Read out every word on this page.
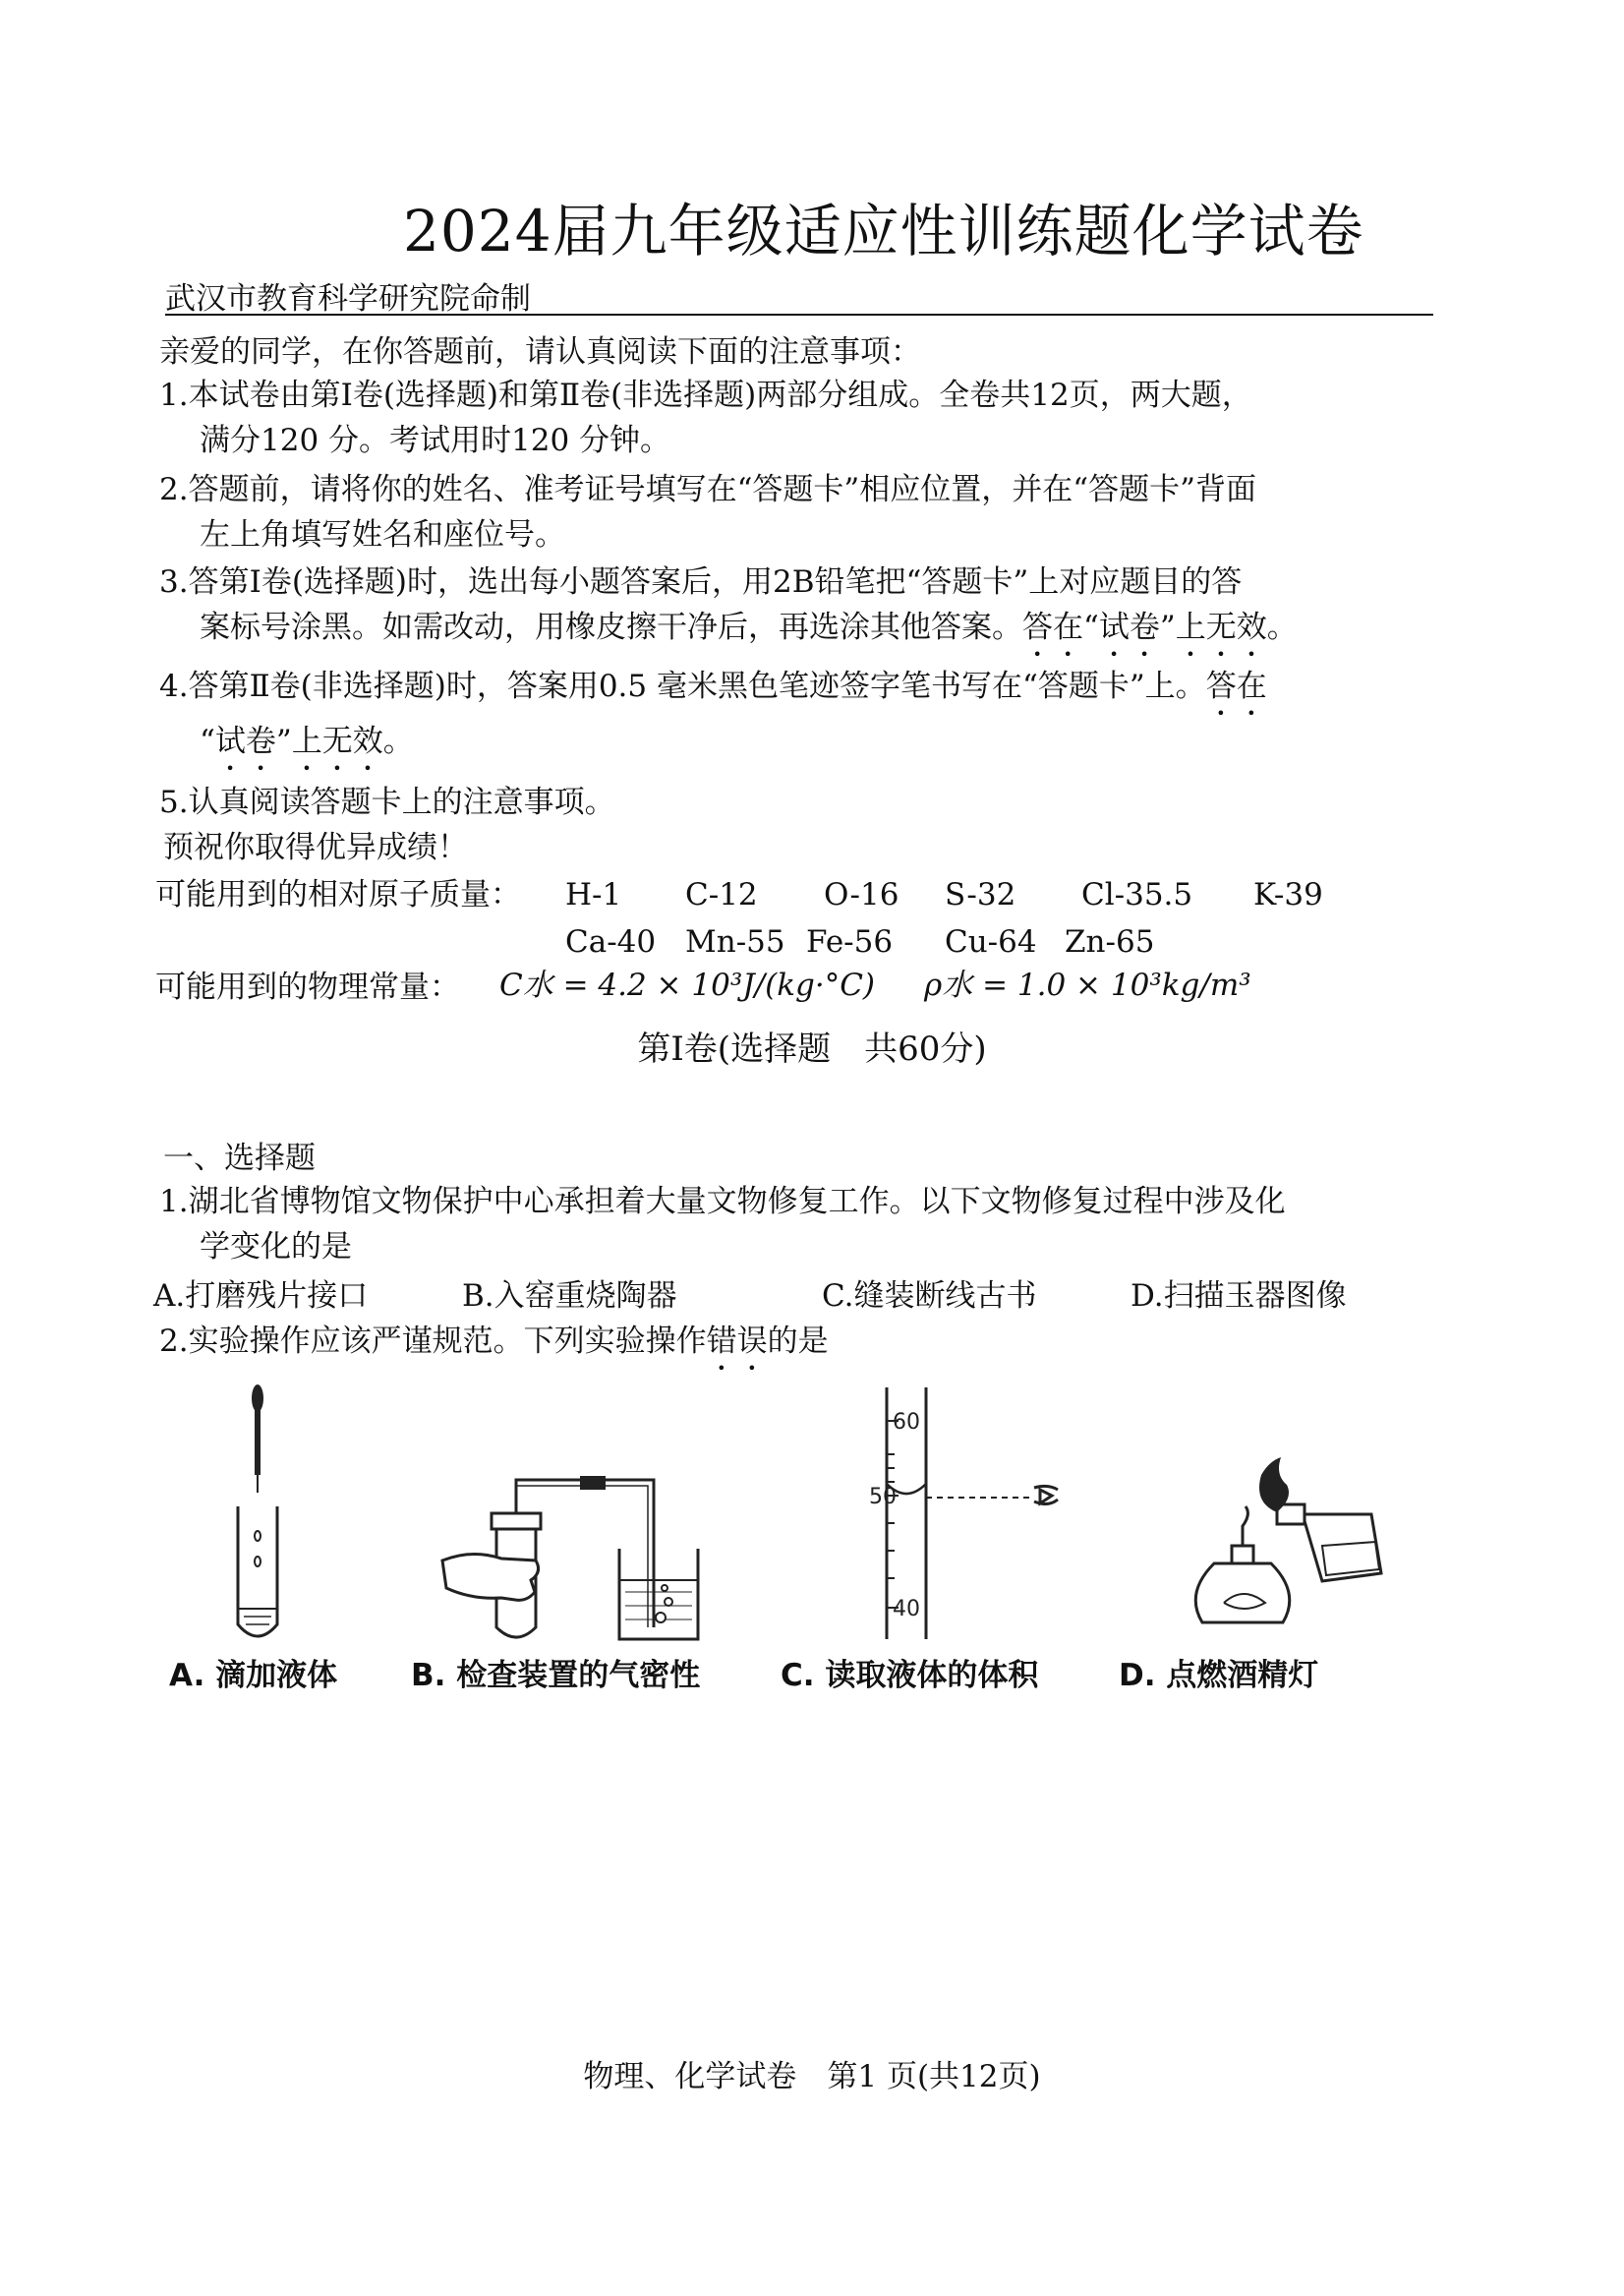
2024届九年级适应性训练题化学试卷
武汉市教育科学研究院命制
亲爱的同学，在你答题前，请认真阅读下面的注意事项：
1.本试卷由第Ⅰ卷(选择题)和第Ⅱ卷(非选择题)两部分组成。全卷共12页，两大题，
满分120 分。考试用时120 分钟。
2.答题前，请将你的姓名、准考证号填写在“答题卡”相应位置，并在“答题卡”背面
左上角填写姓名和座位号。
3.答第Ⅰ卷(选择题)时，选出每小题答案后，用2B铅笔把“答题卡”上对应题目的答
案标号涂黑。如需改动，用橡皮擦干净后，再选涂其他答案。答在“试卷”上无效。
4.答第Ⅱ卷(非选择题)时，答案用0.5 毫米黑色笔迹签字笔书写在“答题卡”上。答在
“试卷”上无效。
5.认真阅读答题卡上的注意事项。
预祝你取得优异成绩！
可能用到的相对原子质量： H-1 C-12 O-16 S-32 Cl-35.5 K-39
Ca-40 Mn-55 Fe-56 Cu-64 Zn-65
可能用到的物理常量： C水 = 4.2 × 10³J/(kg·°C) ρ水 = 1.0 × 10³kg/m³
第Ⅰ卷(选择题　共60分)
一、选择题
1.湖北省博物馆文物保护中心承担着大量文物修复工作。以下文物修复过程中涉及化
学变化的是
A.打磨残片接口	B.入窑重烧陶器	C.缝装断线古书	D.扫描玉器图像
2.实验操作应该严谨规范。下列实验操作错误的是
60
50
40
A. 滴加液体 B. 检查装置的气密性	C. 读取液体的体积	D. 点燃酒精灯
物理、化学试卷　第1 页(共12页)
